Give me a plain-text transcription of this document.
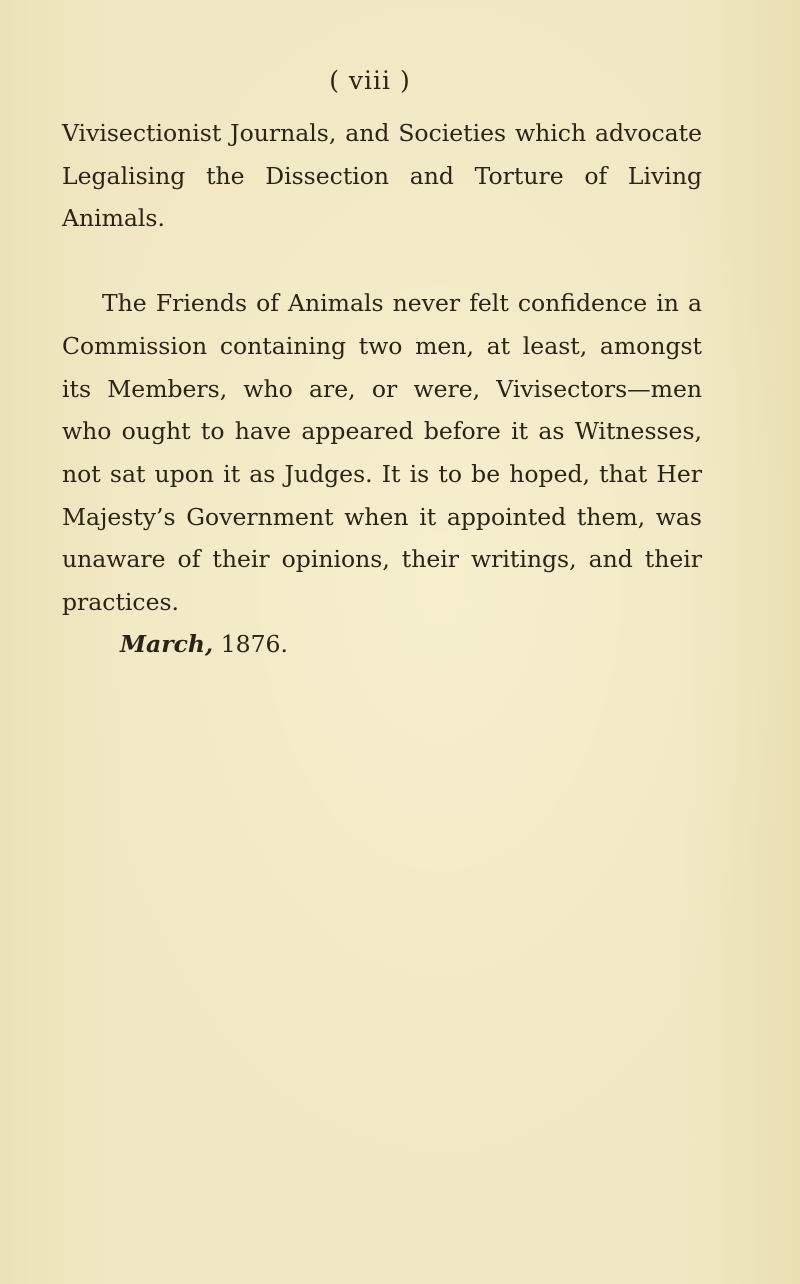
( viii )

Vivisectionist Journals, and Societies which advocate Legalising the Dissection and Torture of Living Animals.

The Friends of Animals never felt confidence in a Commission containing two men, at least, amongst its Members, who are, or were, Vivisectors—men who ought to have appeared before it as Witnesses, not sat upon it as Judges. It is to be hoped, that Her Majesty’s Government when it appointed them, was unaware of their opinions, their writings, and their practices.

March, 1876.
